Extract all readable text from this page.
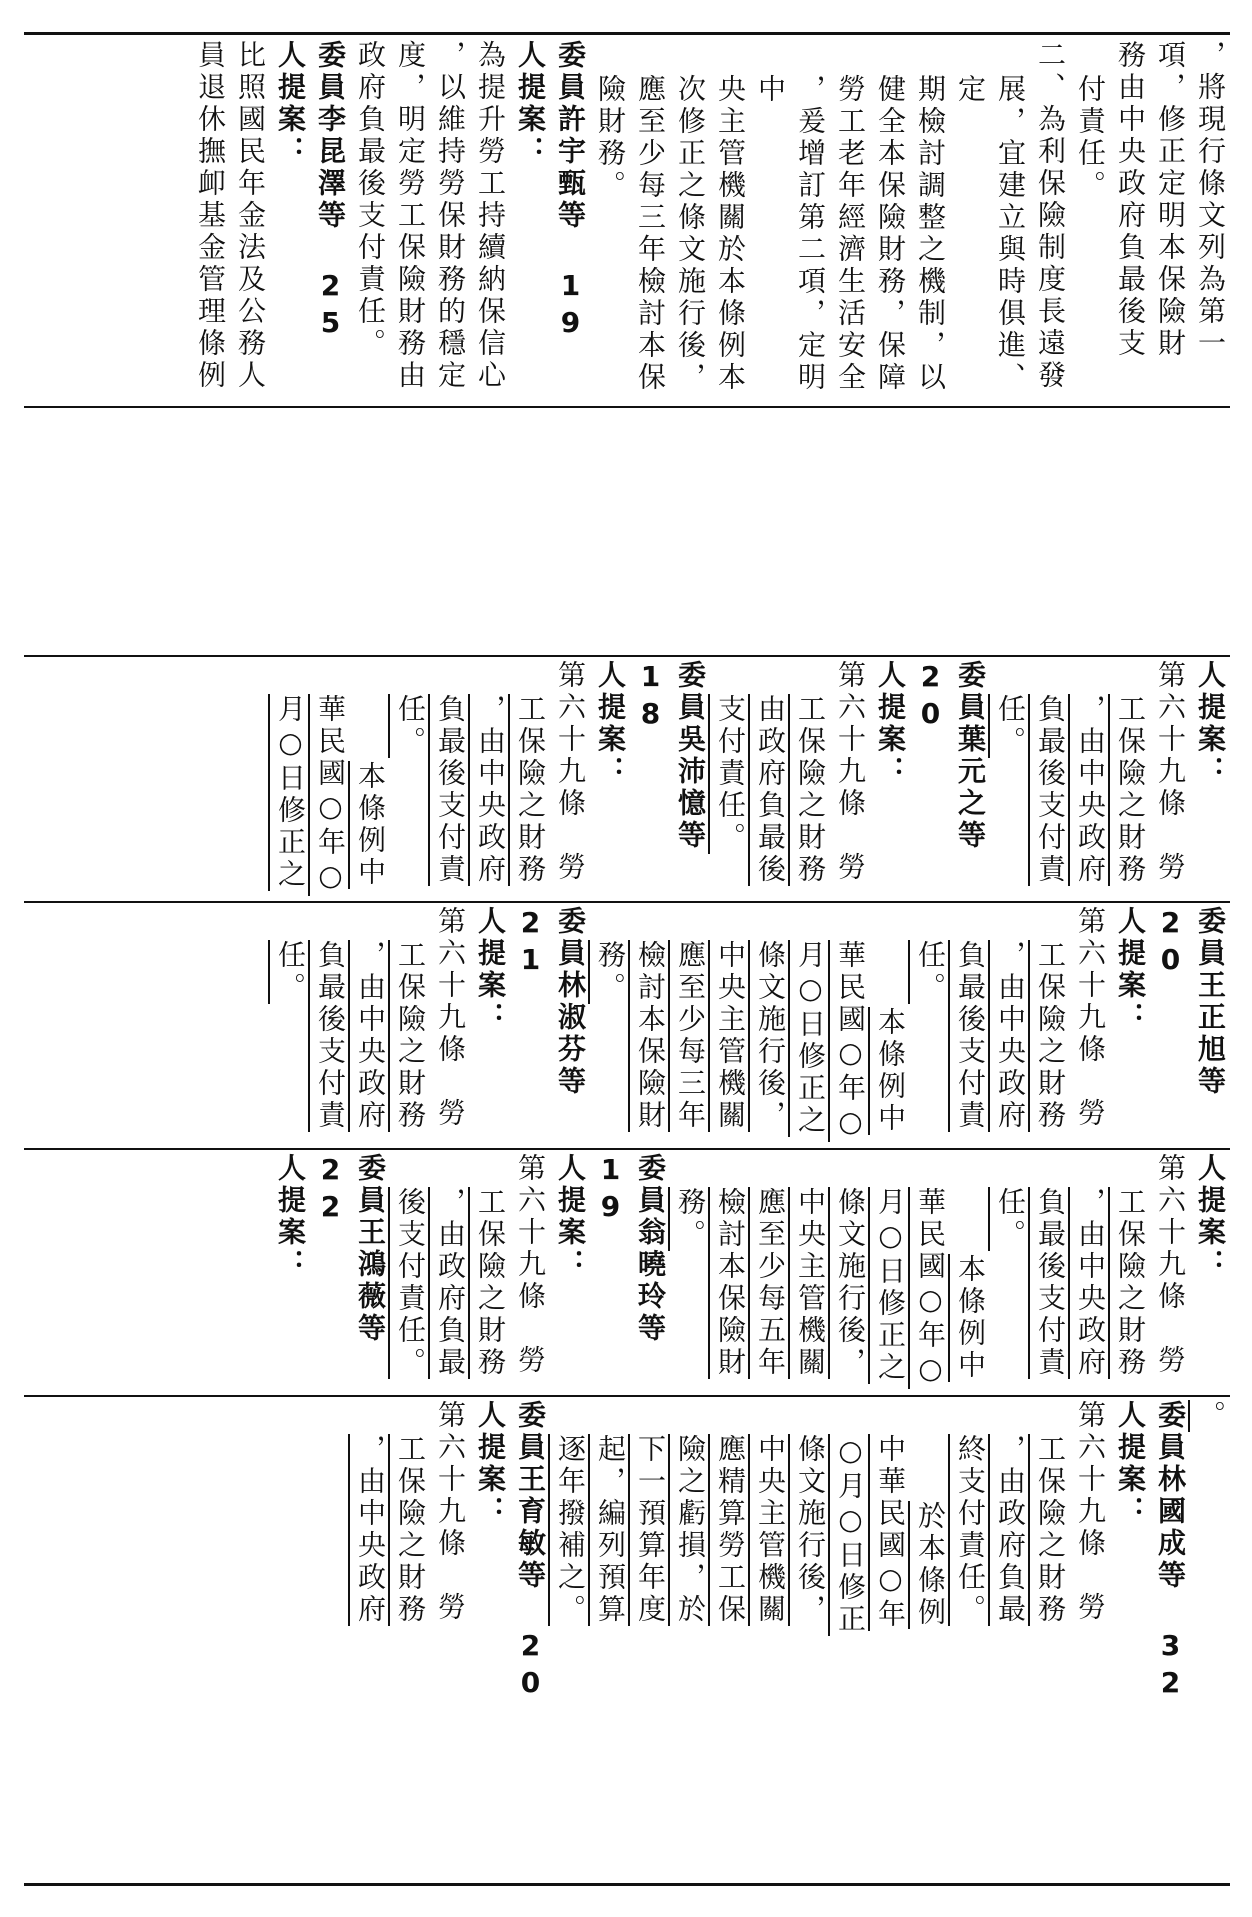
，將現行條文列為第一

項，修正定明本保險財

務由中央政府負最後支

付責任。

二、為利保險制度長遠發

展，宜建立與時俱進、定

期檢討調整之機制，以

健全本保險財務，保障

勞工老年經濟生活安全

，爰增訂第二項，定明中

央主管機關於本條例本

次修正之條文施行後，

應至少每三年檢討本保

險財務。

委員許宇甄等 19 人提案：

為提升勞工持續納保信心

，以維持勞保財務的穩定

度，明定勞工保險財務由

政府負最後支付責任。

委員李昆澤等 25 人提案：

比照國民年金法及公務人

員退休撫卹基金管理條例

人提案：

第六十九條　勞

工保險之財務

，由中央政府

負最後支付責

任。

委員葉元之等 20

人提案：

第六十九條　勞

工保險之財務

由政府負最後

支付責任。

委員吳沛憶等 18

人提案：

第六十九條　勞

工保險之財務

，由中央政府

負最後支付責

任。

本條例中

華民國○年○

月○日修正之

委員王正旭等 20

人提案：

第六十九條　勞

工保險之財務

，由中央政府

負最後支付責

任。

本條例中

華民國○年○

月○日修正之

條文施行後，

中央主管機關

應至少每三年

檢討本保險財

務。

委員林淑芬等 21

人提案：

第六十九條　勞

工保險之財務

，由中央政府

負最後支付責

任。

人提案：

第六十九條　勞

工保險之財務

，由中央政府

負最後支付責

任。

本條例中

華民國○年○

月○日修正之

條文施行後，

中央主管機關

應至少每五年

檢討本保險財

務。

委員翁曉玲等 19

人提案：

第六十九條　勞

工保險之財務

，由政府負最

後支付責任。

委員王鴻薇等 22

人提案：

。

委員林國成等 32

人提案：

第六十九條　勞

工保險之財務

，由政府負最

終支付責任。

於本條例

中華民國○年

○月○日修正

條文施行後，

中央主管機關

應精算勞工保

險之虧損，於

下一預算年度

起，編列預算

逐年撥補之。

委員王育敏等 20

人提案：

第六十九條　勞

工保險之財務

，由中央政府
